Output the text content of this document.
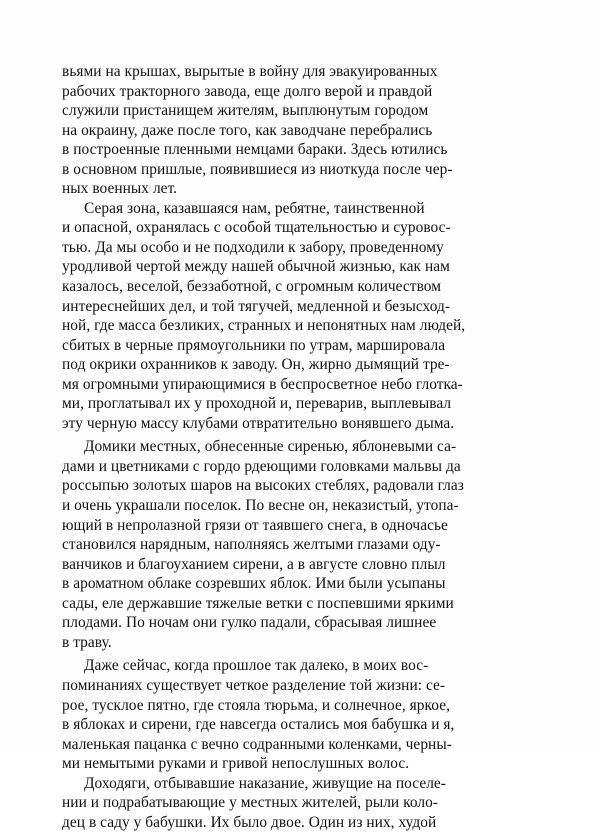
вьями на крышах, вырытые в войну для эвакуированных
рабочих тракторного завода, еще долго верой и правдой
служили пристанищем жителям, выплюнутым городом
на окраину, даже после того, как заводчане перебрались
в построенные пленными немцами бараки. Здесь ютились
в основном пришлые, появившиеся из ниоткуда после чер-
ных военных лет.
Серая зона, казавшаяся нам, ребятне, таинственной
и опасной, охранялась с особой тщательностью и суровос-
тью. Да мы особо и не подходили к забору, проведенному
уродливой чертой между нашей обычной жизнью, как нам
казалось, веселой, беззаботной, с огромным количеством
интереснейших дел, и той тягучей, медленной и безысход-
ной, где масса безликих, странных и непонятных нам людей,
сбитых в черные прямоугольники по утрам, маршировала
под окрики охранников к заводу. Он, жирно дымящий тре-
мя огромными упирающимися в беспросветное небо глотка-
ми, проглатывал их у проходной и, переварив, выплевывал
эту черную массу клубами отвратительно вонявшего дыма.
Домики местных, обнесенные сиренью, яблоневыми са-
дами и цветниками с гордо рдеющими головками мальвы да
россыпью золотых шаров на высоких стеблях, радовали глаз
и очень украшали поселок. По весне он, неказистый, утопа-
ющий в непролазной грязи от таявшего снега, в одночасье
становился нарядным, наполняясь желтыми глазами оду-
ванчиков и благоуханием сирени, а в августе словно плыл
в ароматном облаке созревших яблок. Ими были усыпаны
сады, еле державшие тяжелые ветки с поспевшими яркими
плодами. По ночам они гулко падали, сбрасывая лишнее
в траву.
Даже сейчас, когда прошлое так далеко, в моих вос-
поминаниях существует четкое разделение той жизни: се-
рое, тусклое пятно, где стояла тюрьма, и солнечное, яркое,
в яблоках и сирени, где навсегда остались моя бабушка и я,
маленькая пацанка с вечно содранными коленками, черны-
ми немытыми руками и гривой непослушных волос.
Доходяги, отбывавшие наказание, живущие на поселе-
нии и подрабатывающие у местных жителей, рыли коло-
дец в саду у бабушки. Их было двое. Один из них, худой
